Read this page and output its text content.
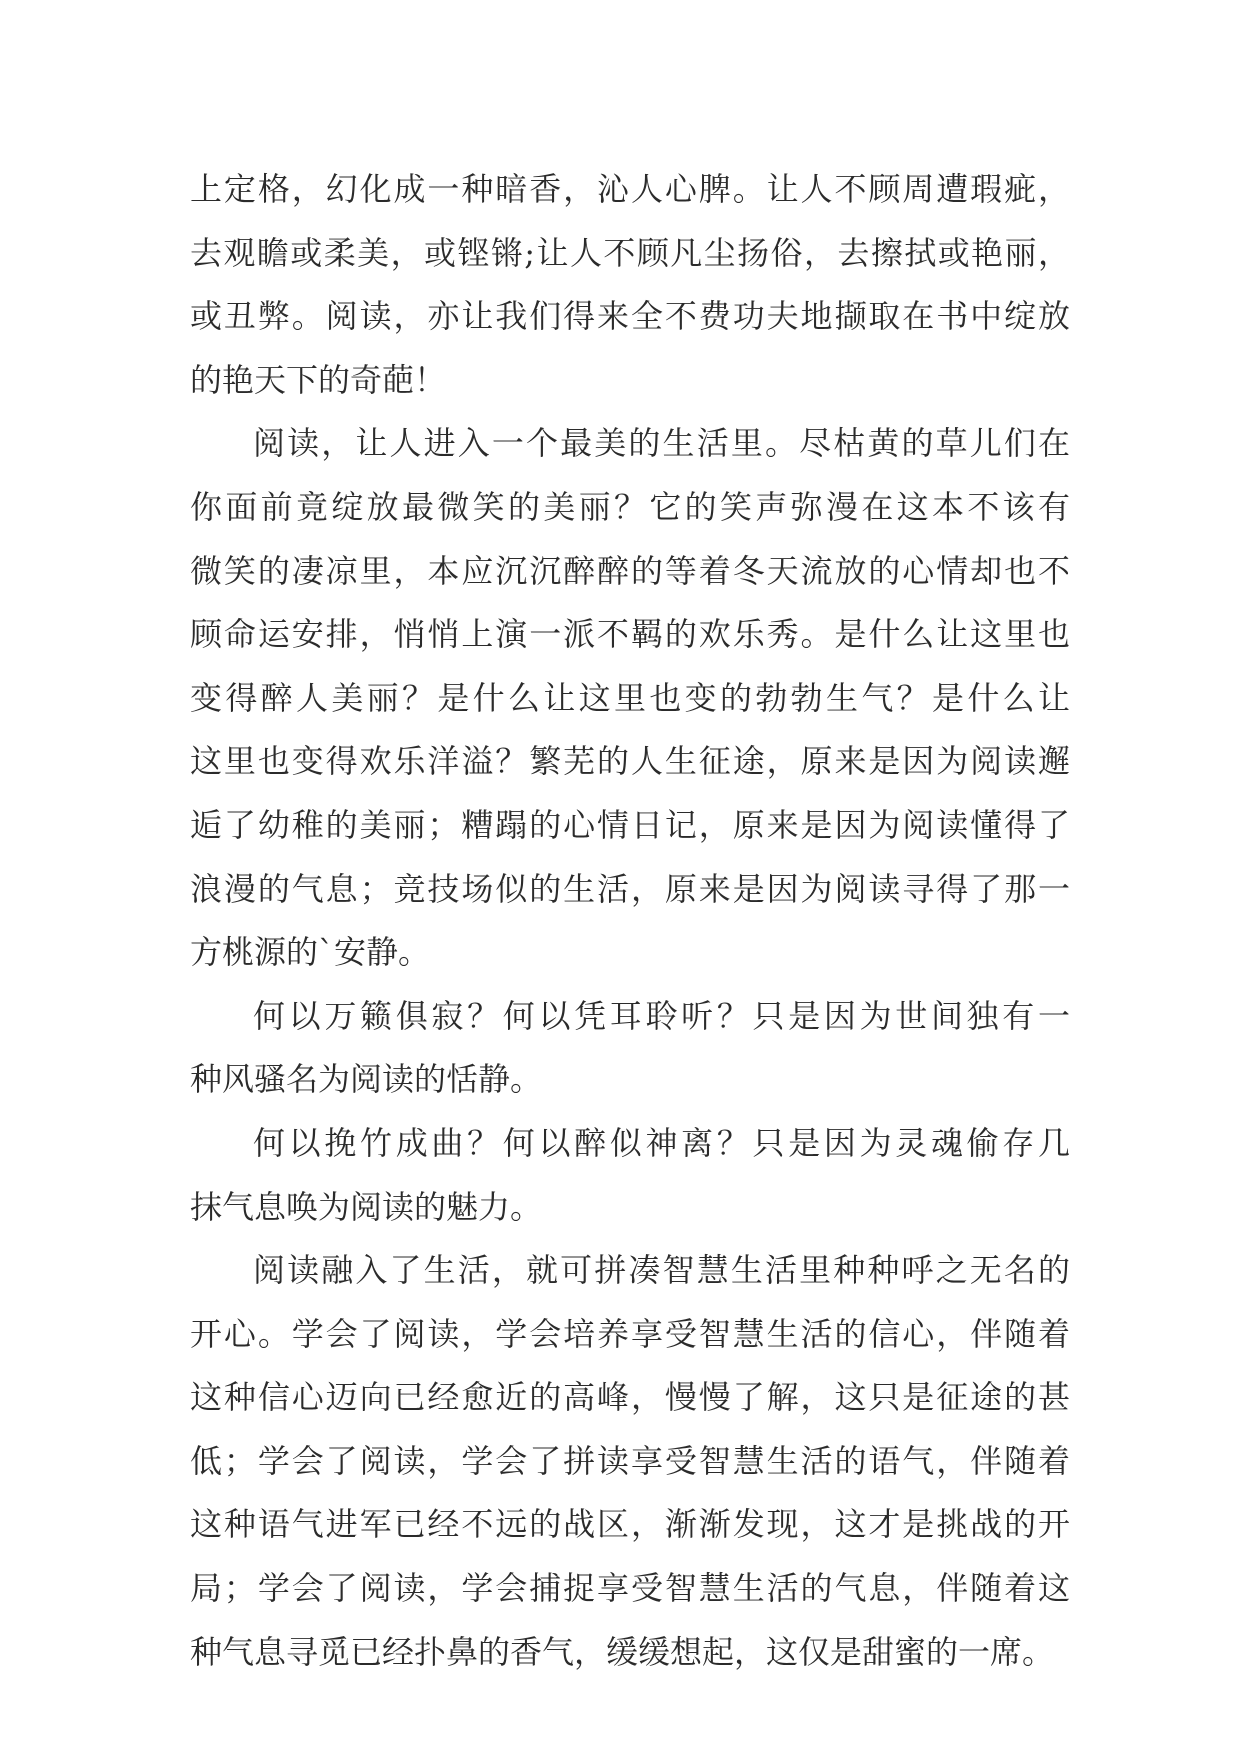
上定格，幻化成一种暗香，沁人心脾。让人不顾周遭瑕疵，
去观瞻或柔美，或铿锵;让人不顾凡尘扬俗，去擦拭或艳丽，
或丑弊。阅读，亦让我们得来全不费功夫地撷取在书中绽放
的艳天下的奇葩！
阅读，让人进入一个最美的生活里。尽枯黄的草儿们在
你面前竟绽放最微笑的美丽？它的笑声弥漫在这本不该有
微笑的凄凉里，本应沉沉醉醉的等着冬天流放的心情却也不
顾命运安排，悄悄上演一派不羁的欢乐秀。是什么让这里也
变得醉人美丽？是什么让这里也变的勃勃生气？是什么让
这里也变得欢乐洋溢？繁芜的人生征途，原来是因为阅读邂
逅了幼稚的美丽；糟蹋的心情日记，原来是因为阅读懂得了
浪漫的气息；竞技场似的生活，原来是因为阅读寻得了那一
方桃源的`安静。
何以万籁俱寂？何以凭耳聆听？只是因为世间独有一
种风骚名为阅读的恬静。
何以挽竹成曲？何以醉似神离？只是因为灵魂偷存几
抹气息唤为阅读的魅力。
阅读融入了生活，就可拼凑智慧生活里种种呼之无名的
开心。学会了阅读，学会培养享受智慧生活的信心，伴随着
这种信心迈向已经愈近的高峰，慢慢了解，这只是征途的甚
低；学会了阅读，学会了拼读享受智慧生活的语气，伴随着
这种语气进军已经不远的战区，渐渐发现，这才是挑战的开
局；学会了阅读，学会捕捉享受智慧生活的气息，伴随着这
种气息寻觅已经扑鼻的香气，缓缓想起，这仅是甜蜜的一席。
